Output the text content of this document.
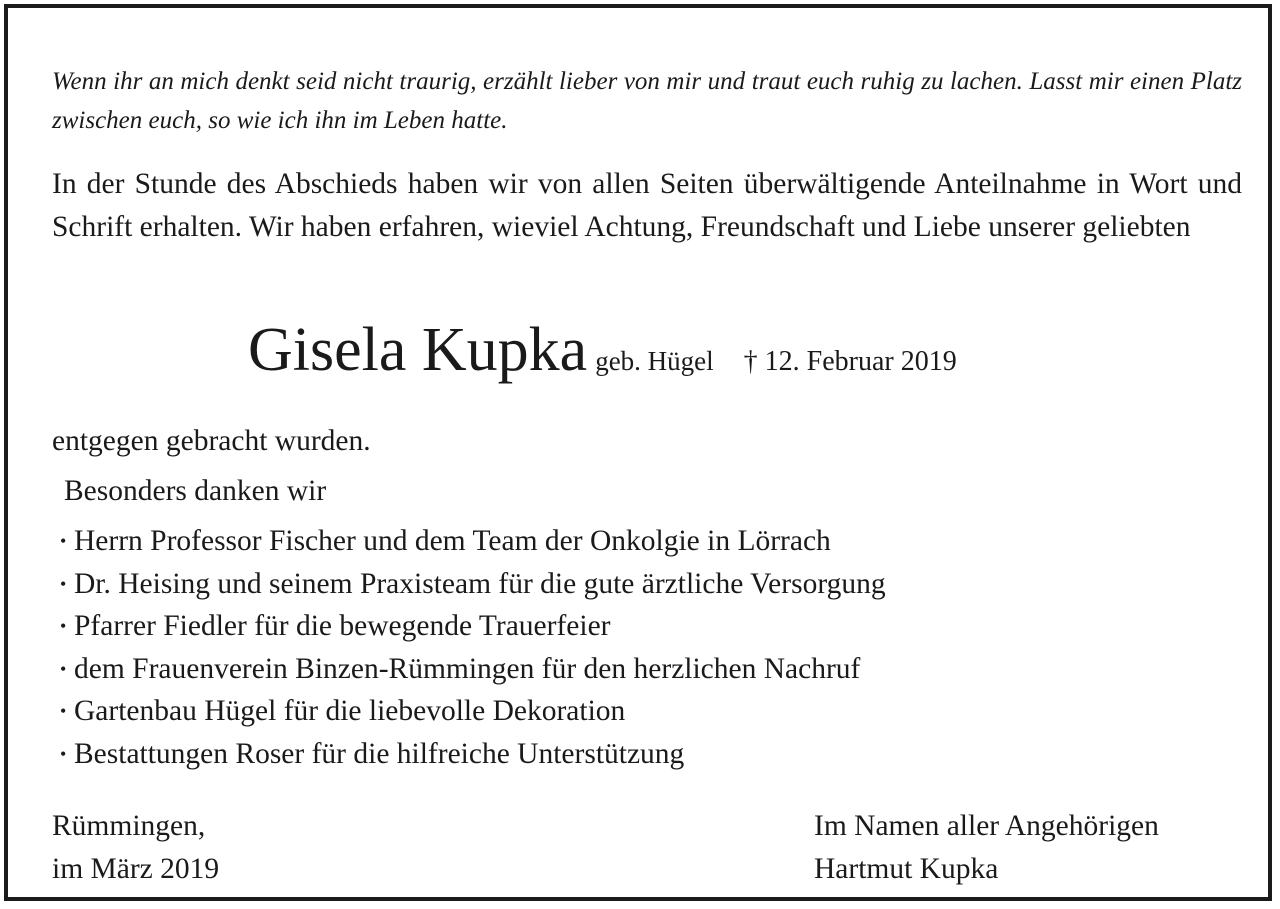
Wenn ihr an mich denkt seid nicht traurig, erzählt lieber von mir und traut euch ruhig zu lachen. Lasst mir einen Platz zwischen euch, so wie ich ihn im Leben hatte.

In der Stunde des Abschieds haben wir von allen Seiten überwältigende Anteilnahme in Wort und Schrift erhalten. Wir haben erfahren, wieviel Achtung, Freundschaft und Liebe unserer geliebten

Gisela Kupka geb. Hügel † 12. Februar 2019
entgegen gebracht wurden.
Besonders danken wir
• Herrn Professor Fischer und dem Team der Onkolgie in Lörrach
• Dr. Heising und seinem Praxisteam für die gute ärztliche Versorgung
• Pfarrer Fiedler für die bewegende Trauerfeier
• dem Frauenverein Binzen-Rümmingen für den herzlichen Nachruf
• Gartenbau Hügel für die liebevolle Dekoration
• Bestattungen Roser für die hilfreiche Unterstützung
Rümmingen,
im März 2019
Im Namen aller Angehörigen
Hartmut Kupka
